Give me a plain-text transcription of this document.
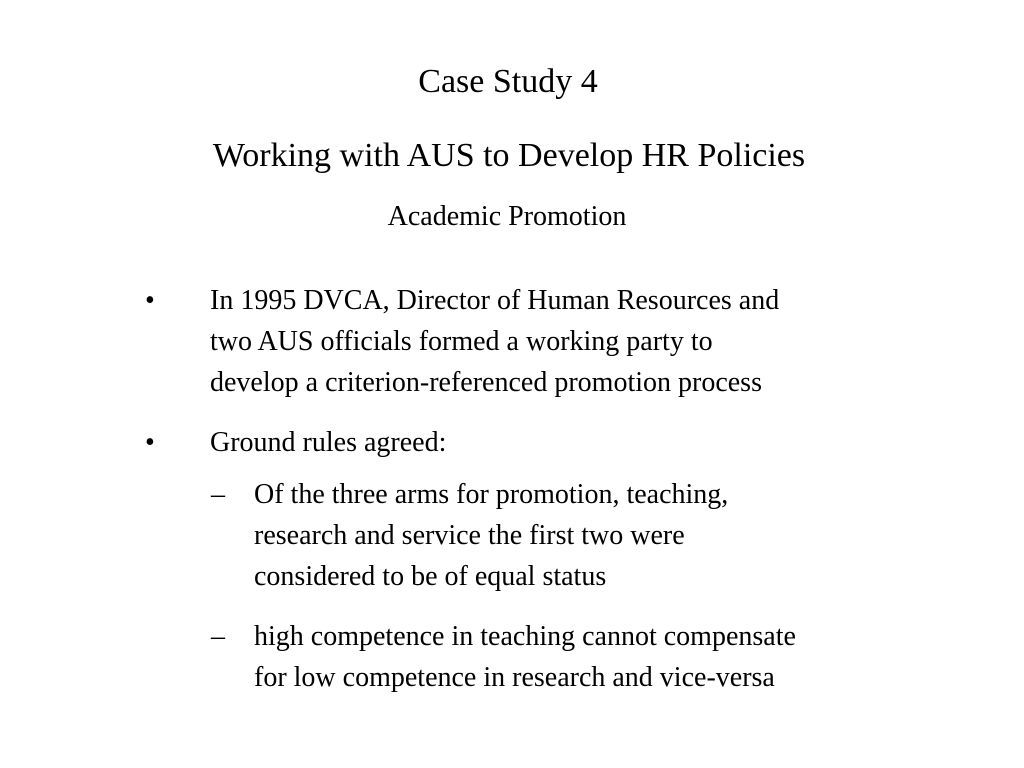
Case Study 4
Working with AUS to Develop HR Policies
Academic Promotion
• In 1995 DVCA, Director of Human Resources and
two AUS officials formed a working party to
develop a criterion-referenced promotion process
• Ground rules agreed:
– Of the three arms for promotion, teaching,
research and service the first two were
considered to be of equal status
– high competence in teaching cannot compensate
for low competence in research and vice-versa
